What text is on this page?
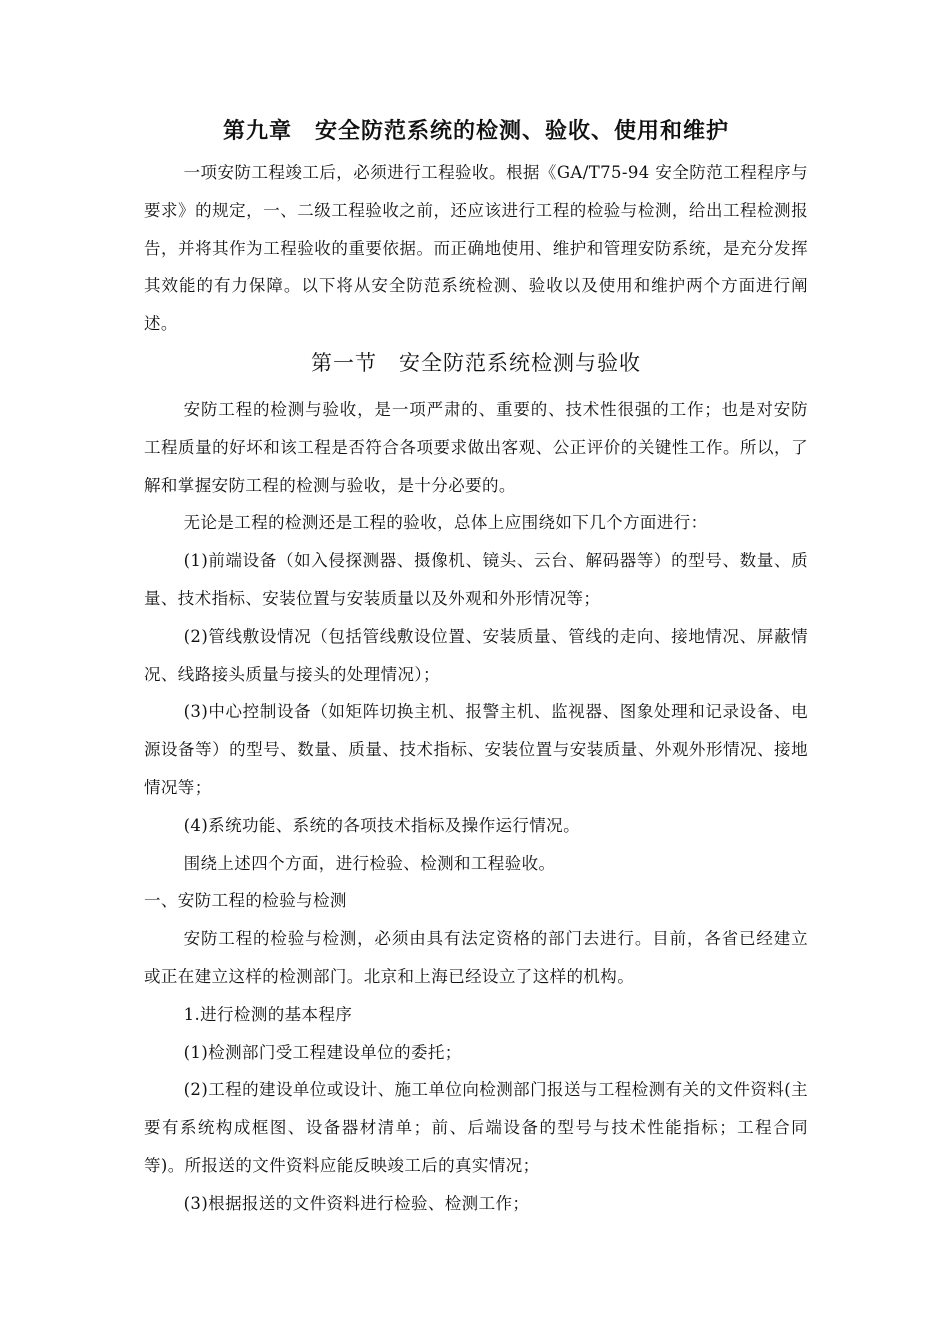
第九章　安全防范系统的检测、验收、使用和维护

一项安防工程竣工后，必须进行工程验收。根据《GA/T75-94 安全防范工程程序与要求》的规定，一、二级工程验收之前，还应该进行工程的检验与检测，给出工程检测报告，并将其作为工程验收的重要依据。而正确地使用、维护和管理安防系统，是充分发挥其效能的有力保障。以下将从安全防范系统检测、验收以及使用和维护两个方面进行阐述。

第一节　安全防范系统检测与验收

安防工程的检测与验收，是一项严肃的、重要的、技术性很强的工作；也是对安防工程质量的好坏和该工程是否符合各项要求做出客观、公正评价的关键性工作。所以，了解和掌握安防工程的检测与验收，是十分必要的。

无论是工程的检测还是工程的验收，总体上应围绕如下几个方面进行：

(1)前端设备（如入侵探测器、摄像机、镜头、云台、解码器等）的型号、数量、质量、技术指标、安装位置与安装质量以及外观和外形情况等；

(2)管线敷设情况（包括管线敷设位置、安装质量、管线的走向、接地情况、屏蔽情况、线路接头质量与接头的处理情况）；

(3)中心控制设备（如矩阵切换主机、报警主机、监视器、图象处理和记录设备、电源设备等）的型号、数量、质量、技术指标、安装位置与安装质量、外观外形情况、接地情况等；

(4)系统功能、系统的各项技术指标及操作运行情况。

围绕上述四个方面，进行检验、检测和工程验收。

一、安防工程的检验与检测

安防工程的检验与检测，必须由具有法定资格的部门去进行。目前，各省已经建立或正在建立这样的检测部门。北京和上海已经设立了这样的机构。

1.进行检测的基本程序

(1)检测部门受工程建设单位的委托；

(2)工程的建设单位或设计、施工单位向检测部门报送与工程检测有关的文件资料(主要有系统构成框图、设备器材清单；前、后端设备的型号与技术性能指标；工程合同等)。所报送的文件资料应能反映竣工后的真实情况；

(3)根据报送的文件资料进行检验、检测工作；
